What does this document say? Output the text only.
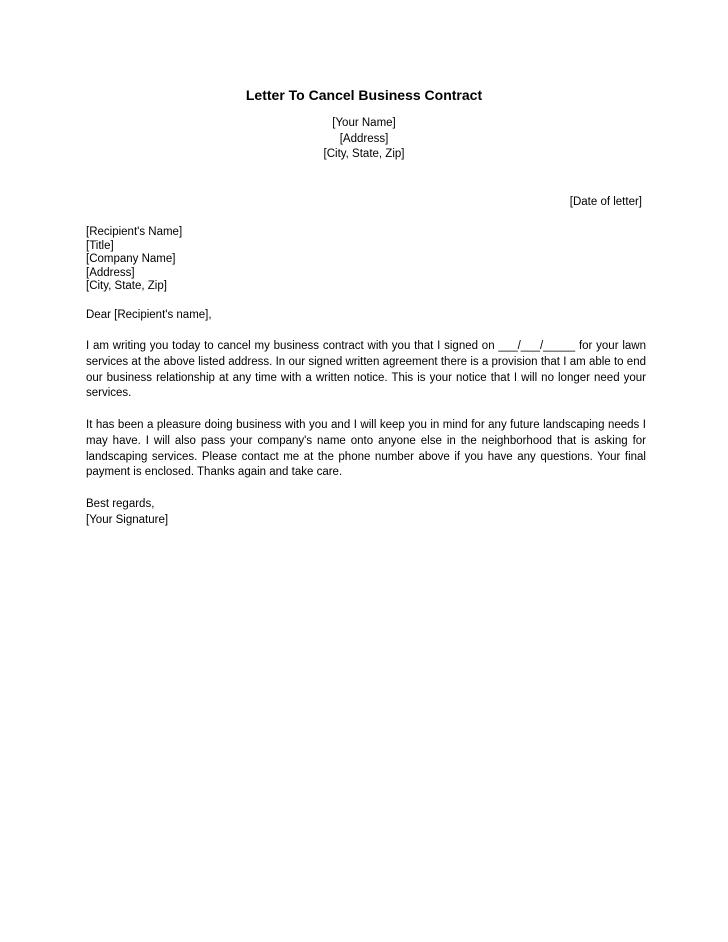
Letter To Cancel Business Contract
[Your Name]
[Address]
[City, State, Zip]
[Date of letter]
[Recipient's Name]
[Title]
[Company Name]
[Address]
[City, State, Zip]
Dear [Recipient's name],
I am writing you today to cancel my business contract with you that I signed on ___/___/_____ for your lawn services at the above listed address. In our signed written agreement there is a provision that I am able to end our business relationship at any time with a written notice. This is your notice that I will no longer need your services.
It has been a pleasure doing business with you and I will keep you in mind for any future landscaping needs I may have. I will also pass your company's name onto anyone else in the neighborhood that is asking for landscaping services. Please contact me at the phone number above if you have any questions. Your final payment is enclosed. Thanks again and take care.
Best regards,
[Your Signature]
